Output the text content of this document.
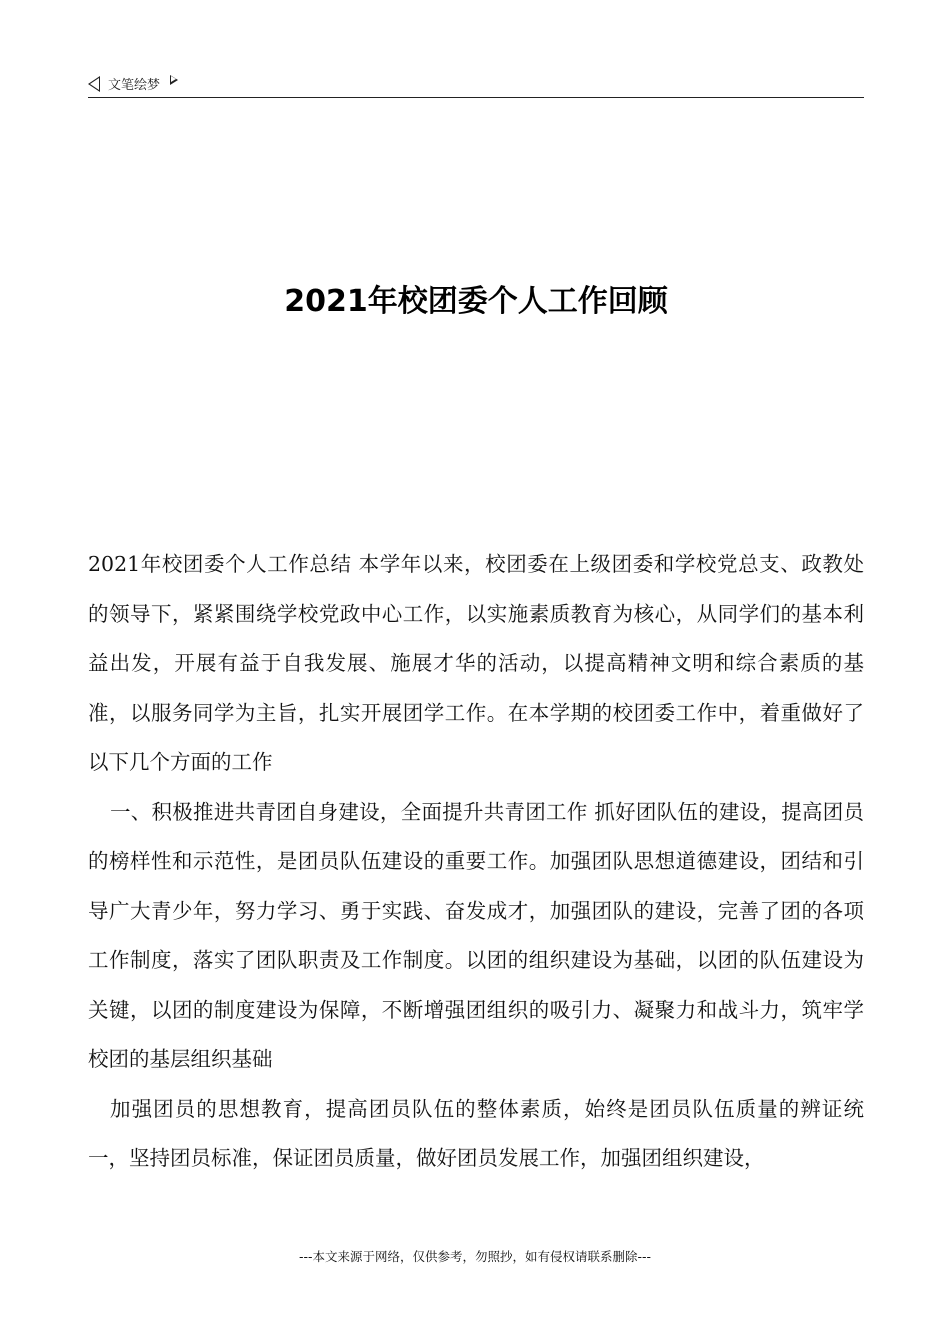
文笔绘梦
2021年校团委个人工作回顾

2021年校团委个人工作总结 本学年以来，校团委在上级团委和学校党总支、政教处的领导下，紧紧围绕学校党政中心工作，以实施素质教育为核心，从同学们的基本利益出发，开展有益于自我发展、施展才华的活动，以提高精神文明和综合素质的基准，以服务同学为主旨，扎实开展团学工作。在本学期的校团委工作中，着重做好了以下几个方面的工作

一、积极推进共青团自身建设，全面提升共青团工作 抓好团队伍的建设，提高团员的榜样性和示范性，是团员队伍建设的重要工作。加强团队思想道德建设，团结和引导广大青少年，努力学习、勇于实践、奋发成才，加强团队的建设，完善了团的各项工作制度，落实了团队职责及工作制度。以团的组织建设为基础，以团的队伍建设为关键，以团的制度建设为保障，不断增强团组织的吸引力、凝聚力和战斗力，筑牢学校团的基层组织基础

加强团员的思想教育，提高团员队伍的整体素质，始终是团员队伍质量的辨证统一，坚持团员标准，保证团员质量，做好团员发展工作，加强团组织建设，

---本文来源于网络，仅供参考，勿照抄，如有侵权请联系删除---
